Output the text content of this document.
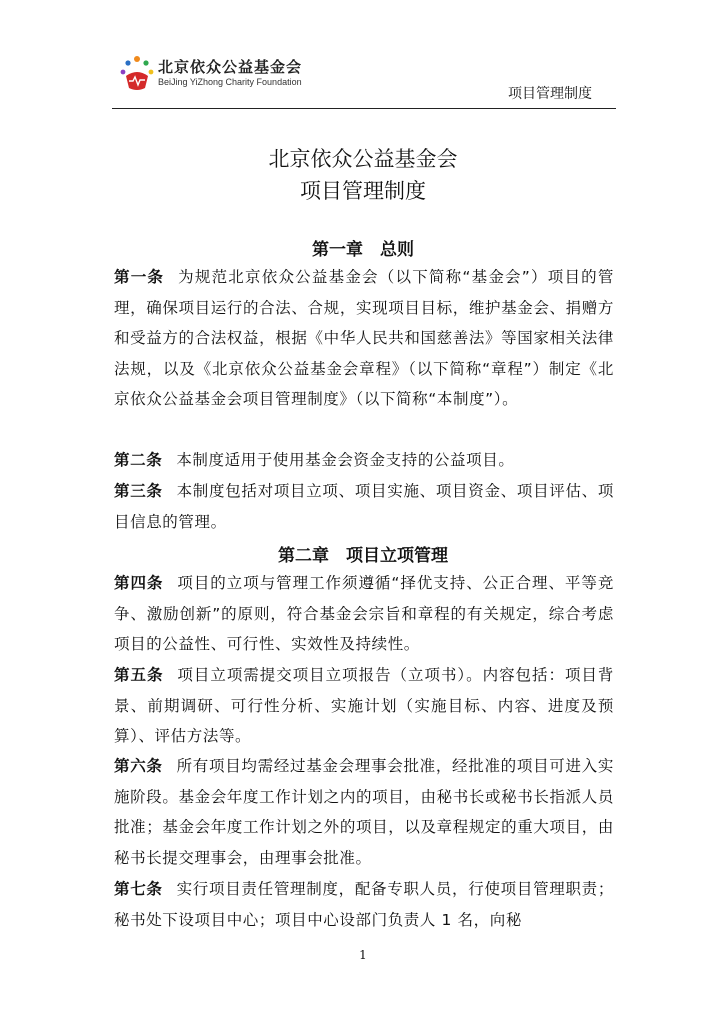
北京依众公益基金会
BeiJing YiZhong Charity Foundation
项目管理制度
北京依众公益基金会
项目管理制度
第一章　总则
第一条 为规范北京依众公益基金会（以下简称“基金会”）项目的管理，确保项目运行的合法、合规，实现项目目标，维护基金会、捐赠方和受益方的合法权益，根据《中华人民共和国慈善法》等国家相关法律法规，以及《北京依众公益基金会章程》（以下简称“章程”）制定《北京依众公益基金会项目管理制度》（以下简称“本制度”）。
第二条 本制度适用于使用基金会资金支持的公益项目。
第三条 本制度包括对项目立项、项目实施、项目资金、项目评估、项目信息的管理。
第二章　项目立项管理
第四条 项目的立项与管理工作须遵循“择优支持、公正合理、平等竞争、激励创新”的原则，符合基金会宗旨和章程的有关规定，综合考虑项目的公益性、可行性、实效性及持续性。
第五条 项目立项需提交项目立项报告（立项书）。内容包括：项目背景、前期调研、可行性分析、实施计划（实施目标、内容、进度及预算）、评估方法等。
第六条 所有项目均需经过基金会理事会批准，经批准的项目可进入实施阶段。基金会年度工作计划之内的项目，由秘书长或秘书长指派人员批准；基金会年度工作计划之外的项目，以及章程规定的重大项目，由秘书长提交理事会，由理事会批准。
第七条 实行项目责任管理制度，配备专职人员，行使项目管理职责；秘书处下设项目中心；项目中心设部门负责人 1 名，向秘
1
